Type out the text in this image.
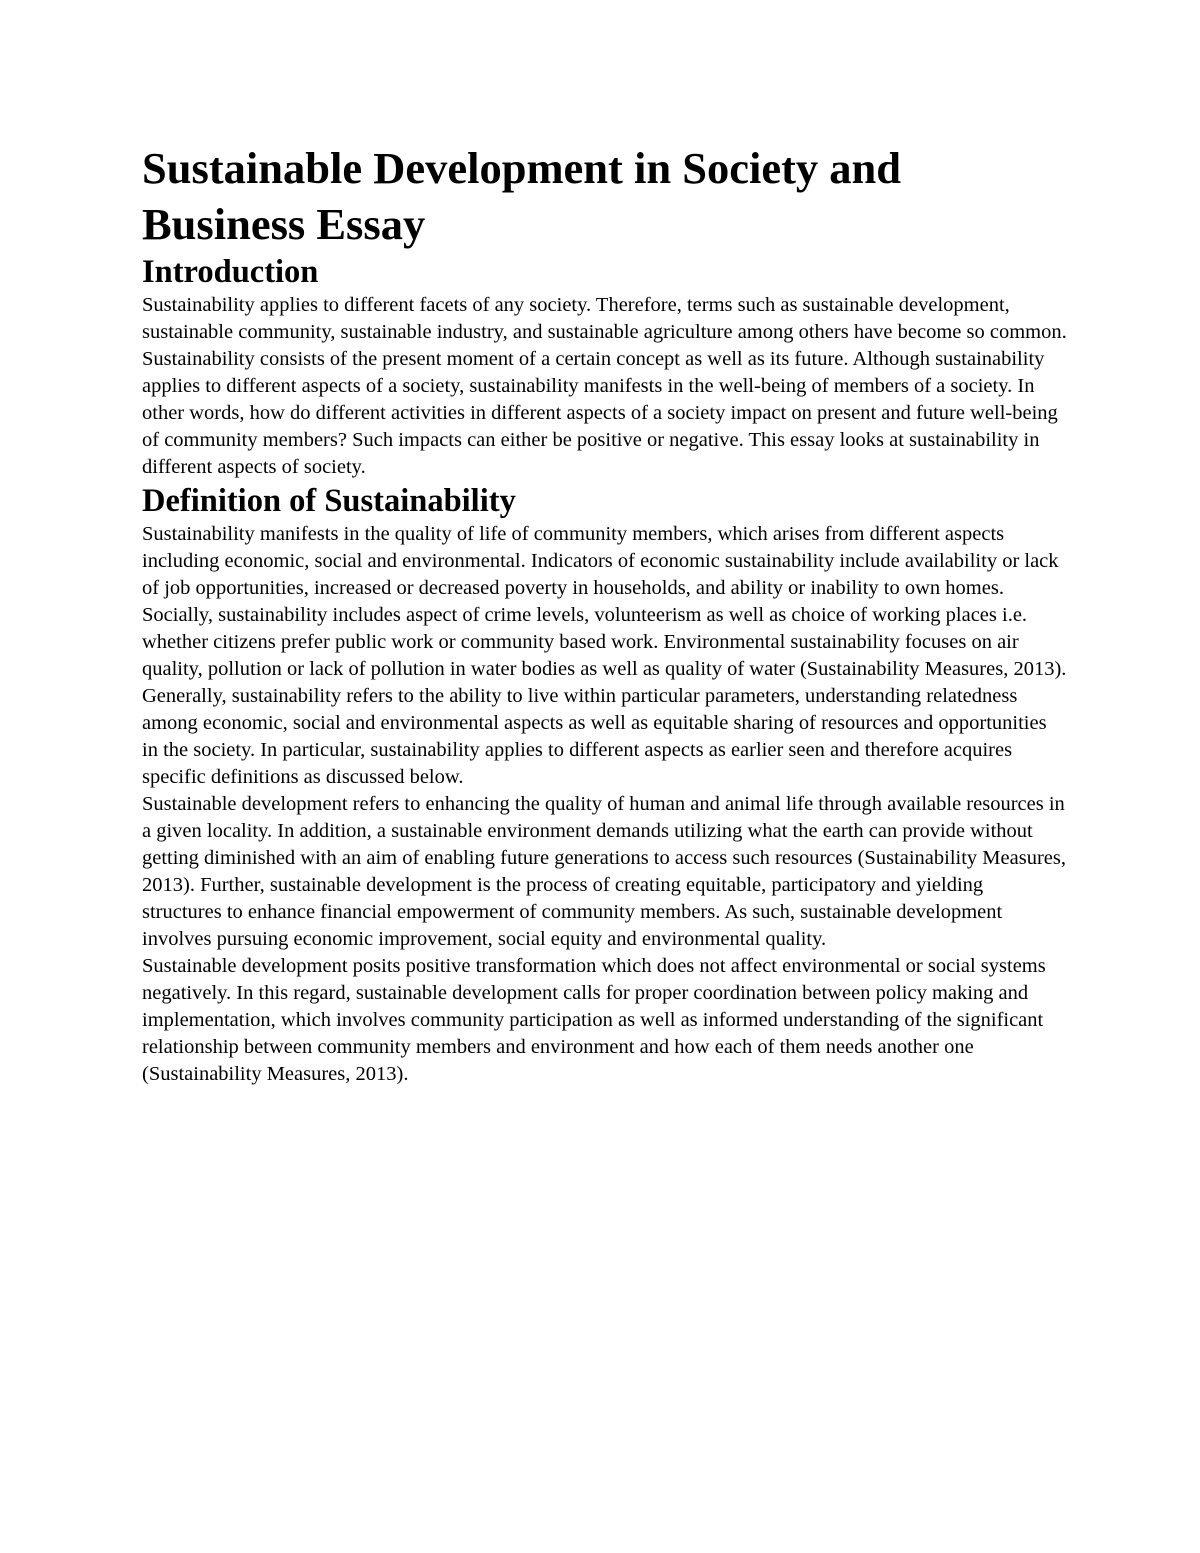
Sustainable Development in Society and Business Essay
Introduction

Sustainability applies to different facets of any society. Therefore, terms such as sustainable development, sustainable community, sustainable industry, and sustainable agriculture among others have become so common. Sustainability consists of the present moment of a certain concept as well as its future. Although sustainability applies to different aspects of a society, sustainability manifests in the well-being of members of a society. In other words, how do different activities in different aspects of a society impact on present and future well-being of community members? Such impacts can either be positive or negative. This essay looks at sustainability in different aspects of society.

Definition of Sustainability

Sustainability manifests in the quality of life of community members, which arises from different aspects including economic, social and environmental. Indicators of economic sustainability include availability or lack of job opportunities, increased or decreased poverty in households, and ability or inability to own homes. Socially, sustainability includes aspect of crime levels, volunteerism as well as choice of working places i.e. whether citizens prefer public work or community based work. Environmental sustainability focuses on air quality, pollution or lack of pollution in water bodies as well as quality of water (Sustainability Measures, 2013).

Generally, sustainability refers to the ability to live within particular parameters, understanding relatedness among economic, social and environmental aspects as well as equitable sharing of resources and opportunities in the society. In particular, sustainability applies to different aspects as earlier seen and therefore acquires specific definitions as discussed below.

Sustainable development refers to enhancing the quality of human and animal life through available resources in a given locality. In addition, a sustainable environment demands utilizing what the earth can provide without getting diminished with an aim of enabling future generations to access such resources (Sustainability Measures, 2013). Further, sustainable development is the process of creating equitable, participatory and yielding structures to enhance financial empowerment of community members. As such, sustainable development involves pursuing economic improvement, social equity and environmental quality.

Sustainable development posits positive transformation which does not affect environmental or social systems negatively. In this regard, sustainable development calls for proper coordination between policy making and implementation, which involves community participation as well as informed understanding of the significant relationship between community members and environment and how each of them needs another one (Sustainability Measures, 2013).
